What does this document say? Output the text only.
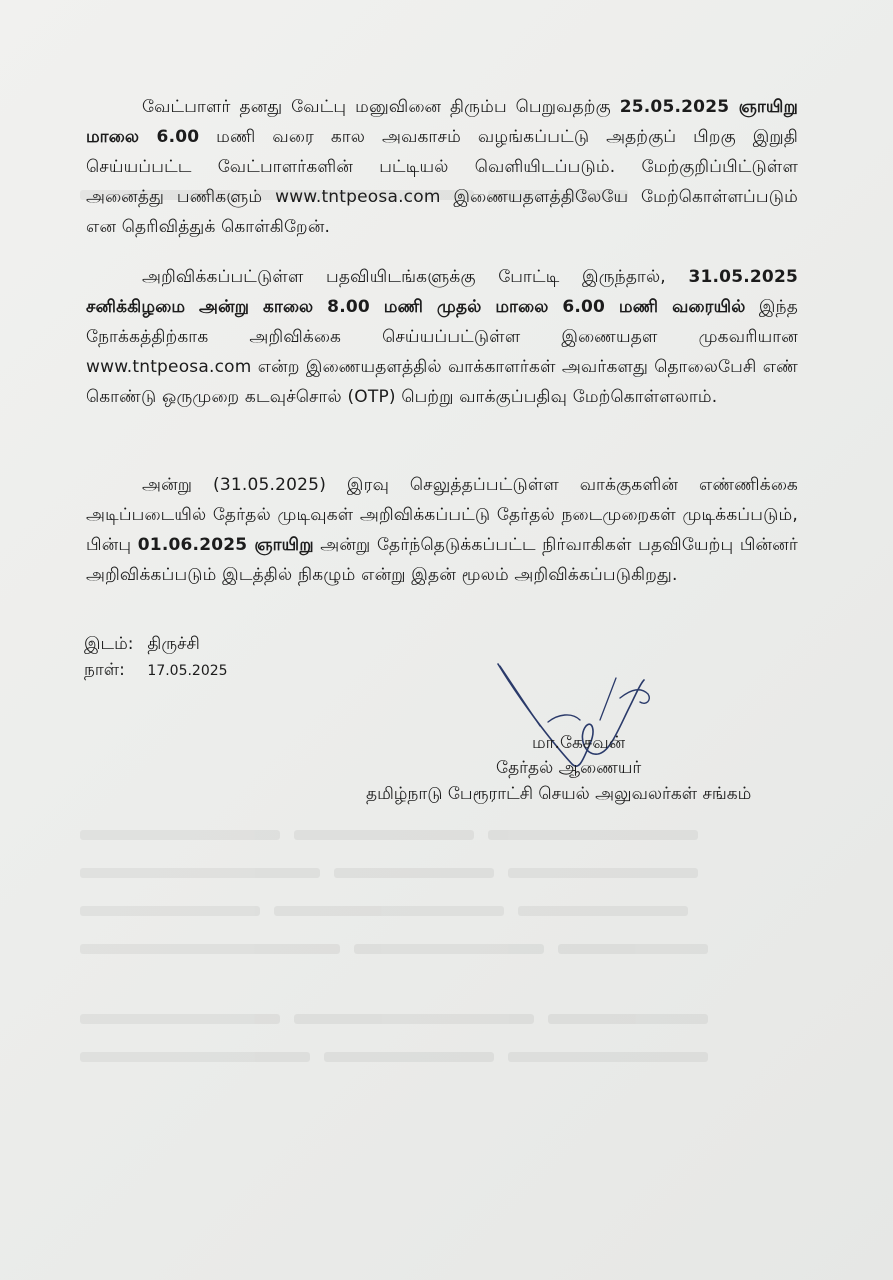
வேட்பாளர் தனது வேட்பு மனுவினை திரும்ப பெறுவதற்கு 25.05.2025 ஞாயிறு மாலை 6.00 மணி வரை கால அவகாசம் வழங்கப்பட்டு அதற்குப் பிறகு இறுதி செய்யப்பட்ட வேட்பாளர்களின் பட்டியல் வெளியிடப்படும். மேற்குறிப்பிட்டுள்ள அனைத்து பணிகளும் www.tntpeosa.com இணையதளத்திலேயே மேற்கொள்ளப்படும் என தெரிவித்துக் கொள்கிறேன்.

அறிவிக்கப்பட்டுள்ள பதவியிடங்களுக்கு போட்டி இருந்தால், 31.05.2025 சனிக்கிழமை அன்று காலை 8.00 மணி முதல் மாலை 6.00 மணி வரையில் இந்த நோக்கத்திற்காக அறிவிக்கை செய்யப்பட்டுள்ள இணையதள முகவரியான www.tntpeosa.com என்ற இணையதளத்தில் வாக்காளர்கள் அவர்களது தொலைபேசி எண் கொண்டு ஒருமுறை கடவுச்சொல் (OTP) பெற்று வாக்குப்பதிவு மேற்கொள்ளலாம்.

அன்று (31.05.2025) இரவு செலுத்தப்பட்டுள்ள வாக்குகளின் எண்ணிக்கை அடிப்படையில் தேர்தல் முடிவுகள் அறிவிக்கப்பட்டு தேர்தல் நடைமுறைகள் முடிக்கப்படும், பின்பு 01.06.2025 ஞாயிறு அன்று தேர்ந்தெடுக்கப்பட்ட நிர்வாகிகள் பதவியேற்பு பின்னர் அறிவிக்கப்படும் இடத்தில் நிகழும் என்று இதன் மூலம் அறிவிக்கப்படுகிறது.

இடம்: திருச்சி
நாள்: 17.05.2025
மா.கேசவன்
தேர்தல் ஆணையர்
தமிழ்நாடு பேரூராட்சி செயல் அலுவலர்கள் சங்கம்
